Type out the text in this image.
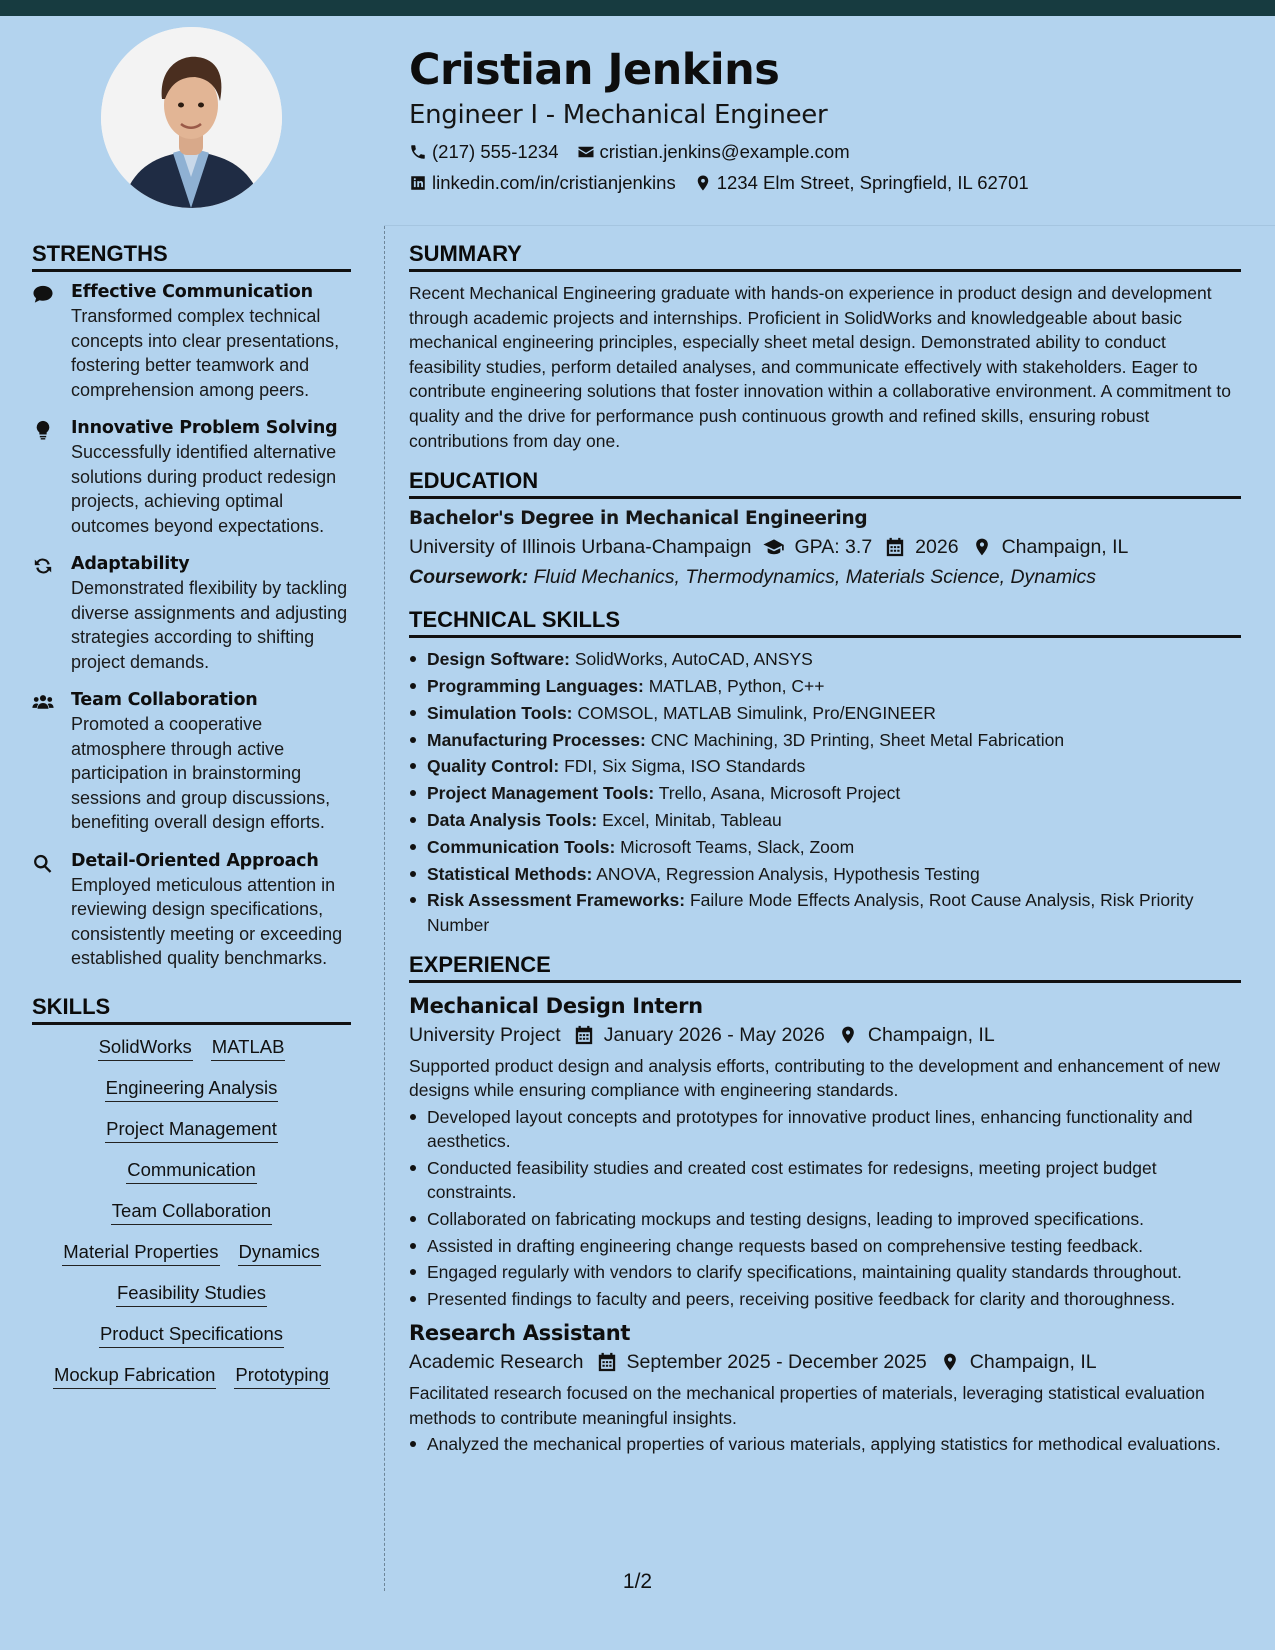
Cristian Jenkins
Engineer I - Mechanical Engineer
(217) 555-1234 cristian.jenkins@example.com
linkedin.com/in/cristianjenkins 1234 Elm Street, Springfield, IL 62701
STRENGTHS
Effective Communication
Transformed complex technical concepts into clear presentations, fostering better teamwork and comprehension among peers.
Innovative Problem Solving
Successfully identified alternative solutions during product redesign projects, achieving optimal outcomes beyond expectations.
Adaptability
Demonstrated flexibility by tackling diverse assignments and adjusting strategies according to shifting project demands.
Team Collaboration
Promoted a cooperative atmosphere through active participation in brainstorming sessions and group discussions, benefiting overall design efforts.
Detail-Oriented Approach
Employed meticulous attention in reviewing design specifications, consistently meeting or exceeding established quality benchmarks.
SKILLS
SolidWorks MATLAB
Engineering Analysis
Project Management
Communication
Team Collaboration
Material Properties Dynamics
Feasibility Studies
Product Specifications
Mockup Fabrication Prototyping
SUMMARY
Recent Mechanical Engineering graduate with hands-on experience in product design and development through academic projects and internships. Proficient in SolidWorks and knowledgeable about basic mechanical engineering principles, especially sheet metal design. Demonstrated ability to conduct feasibility studies, perform detailed analyses, and communicate effectively with stakeholders. Eager to contribute engineering solutions that foster innovation within a collaborative environment. A commitment to quality and the drive for performance push continuous growth and refined skills, ensuring robust contributions from day one.
EDUCATION
Bachelor's Degree in Mechanical Engineering
University of Illinois Urbana-Champaign GPA: 3.7 2026 Champaign, IL
Coursework: Fluid Mechanics, Thermodynamics, Materials Science, Dynamics
TECHNICAL SKILLS
Design Software: SolidWorks, AutoCAD, ANSYS
Programming Languages: MATLAB, Python, C++
Simulation Tools: COMSOL, MATLAB Simulink, Pro/ENGINEER
Manufacturing Processes: CNC Machining, 3D Printing, Sheet Metal Fabrication
Quality Control: FDI, Six Sigma, ISO Standards
Project Management Tools: Trello, Asana, Microsoft Project
Data Analysis Tools: Excel, Minitab, Tableau
Communication Tools: Microsoft Teams, Slack, Zoom
Statistical Methods: ANOVA, Regression Analysis, Hypothesis Testing
Risk Assessment Frameworks: Failure Mode Effects Analysis, Root Cause Analysis, Risk Priority Number
EXPERIENCE
Mechanical Design Intern
University Project January 2026 - May 2026 Champaign, IL
Supported product design and analysis efforts, contributing to the development and enhancement of new designs while ensuring compliance with engineering standards.
Developed layout concepts and prototypes for innovative product lines, enhancing functionality and aesthetics.
Conducted feasibility studies and created cost estimates for redesigns, meeting project budget constraints.
Collaborated on fabricating mockups and testing designs, leading to improved specifications.
Assisted in drafting engineering change requests based on comprehensive testing feedback.
Engaged regularly with vendors to clarify specifications, maintaining quality standards throughout.
Presented findings to faculty and peers, receiving positive feedback for clarity and thoroughness.
Research Assistant
Academic Research September 2025 - December 2025 Champaign, IL
Facilitated research focused on the mechanical properties of materials, leveraging statistical evaluation methods to contribute meaningful insights.
Analyzed the mechanical properties of various materials, applying statistics for methodical evaluations.
1/2
